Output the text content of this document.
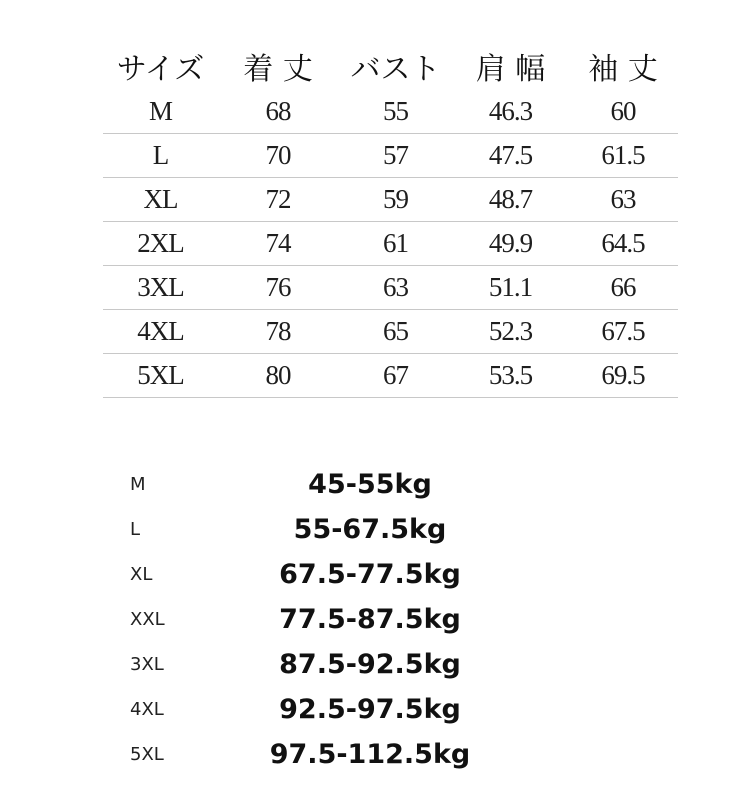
サイズ	着 丈	バスト	肩 幅	袖 丈
M	68	55	46.3	60
L	70	57	47.5	61.5
XL	72	59	48.7	63
2XL	74	61	49.9	64.5
3XL	76	63	51.1	66
4XL	78	65	52.3	67.5
5XL	80	67	53.5	69.5
M	45-55kg
L	55-67.5kg
XL	67.5-77.5kg
XXL	77.5-87.5kg
3XL	87.5-92.5kg
4XL	92.5-97.5kg
5XL	97.5-112.5kg
